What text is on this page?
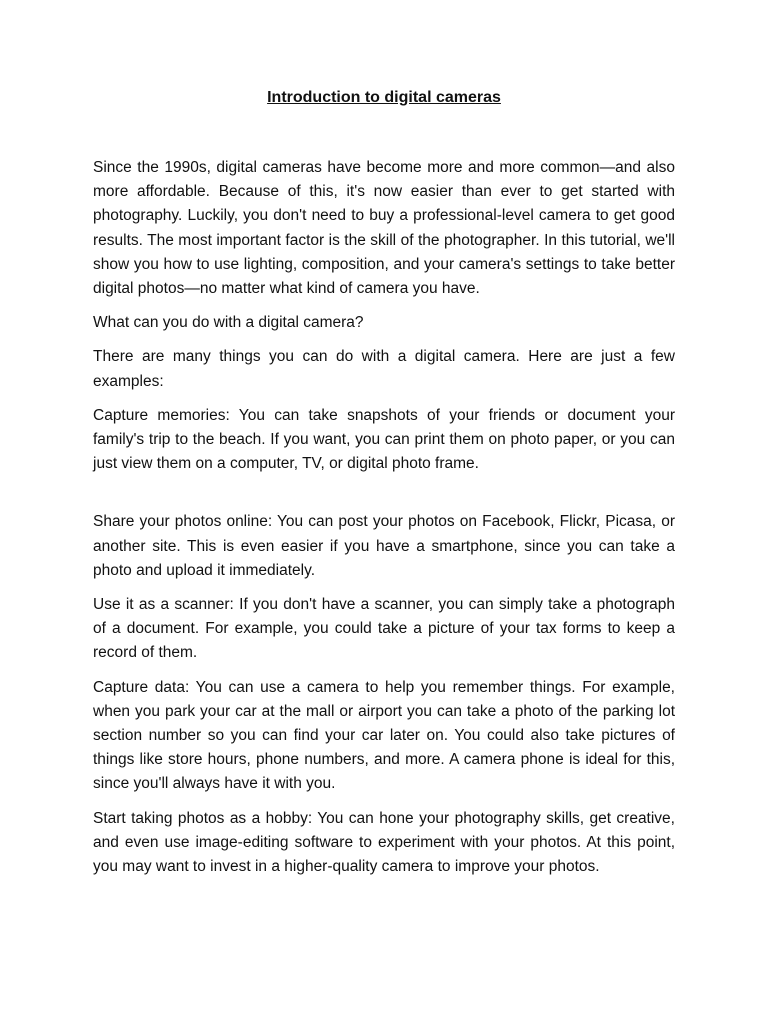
Introduction to digital cameras

Since the 1990s, digital cameras have become more and more common—and also more affordable. Because of this, it's now easier than ever to get started with photography. Luckily, you don't need to buy a professional-level camera to get good results. The most important factor is the skill of the photographer. In this tutorial, we'll show you how to use lighting, composition, and your camera's settings to take better digital photos—no matter what kind of camera you have.

What can you do with a digital camera?

There are many things you can do with a digital camera. Here are just a few examples:

Capture memories: You can take snapshots of your friends or document your family's trip to the beach. If you want, you can print them on photo paper, or you can just view them on a computer, TV, or digital photo frame.

Share your photos online: You can post your photos on Facebook, Flickr, Picasa, or another site. This is even easier if you have a smartphone, since you can take a photo and upload it immediately.

Use it as a scanner: If you don't have a scanner, you can simply take a photograph of a document. For example, you could take a picture of your tax forms to keep a record of them.

Capture data: You can use a camera to help you remember things. For example, when you park your car at the mall or airport you can take a photo of the parking lot section number so you can find your car later on. You could also take pictures of things like store hours, phone numbers, and more. A camera phone is ideal for this, since you'll always have it with you.

Start taking photos as a hobby: You can hone your photography skills, get creative, and even use image-editing software to experiment with your photos. At this point, you may want to invest in a higher-quality camera to improve your photos.
